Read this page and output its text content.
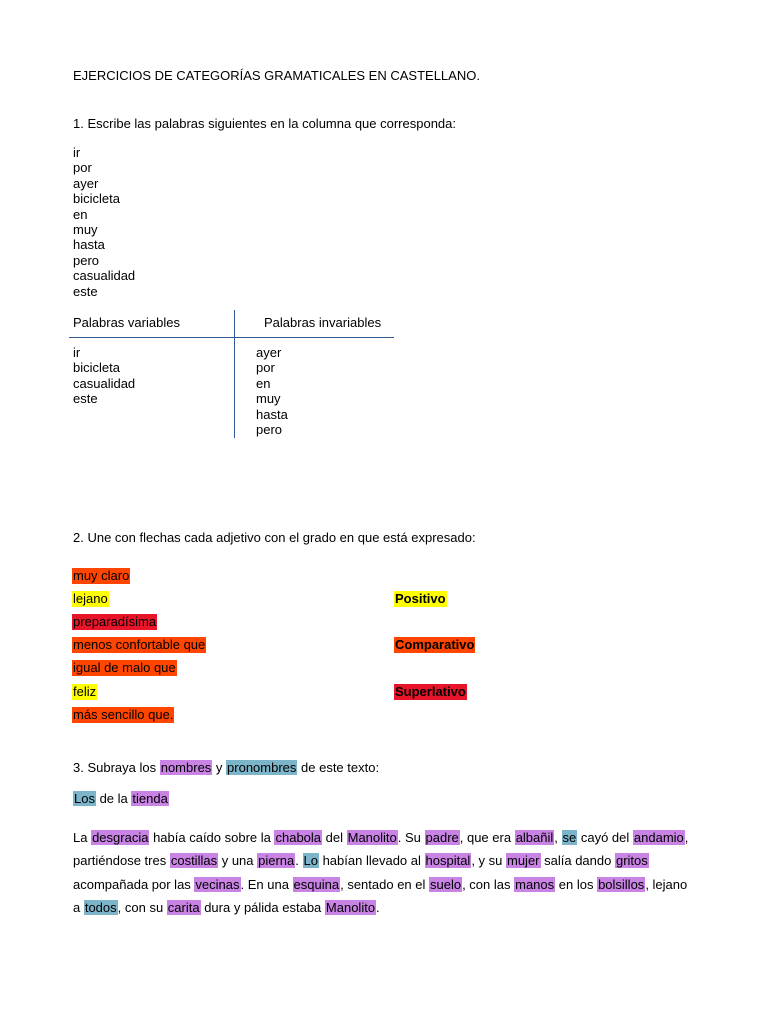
EJERCICIOS DE CATEGORÍAS GRAMATICALES EN CASTELLANO.
1. Escribe las palabras siguientes en la columna que corresponda:
ir
por
ayer
bicicleta
en
muy
hasta
pero
casualidad
este
Palabras variables	Palabras invariables
ir
bicicleta
casualidad
este
ayer
por
en
muy
hasta
pero
2. Une con flechas cada adjetivo con el grado en que está expresado:
muy claro
lejano
preparadísima
menos confortable que
igual de malo que
feliz
más sencillo que.
Positivo
Comparativo
Superlativo
3. Subraya los nombres y pronombres de este texto:
Los de la tienda
La desgracia había caído sobre la chabola del Manolito. Su padre, que era albañil, se cayó del andamio, partiéndose tres costillas y una pierna. Lo habían llevado al hospital, y su mujer salía dando gritos acompañada por las vecinas. En una esquina, sentado en el suelo, con las manos en los bolsillos, lejano a todos, con su carita dura y pálida estaba Manolito.
